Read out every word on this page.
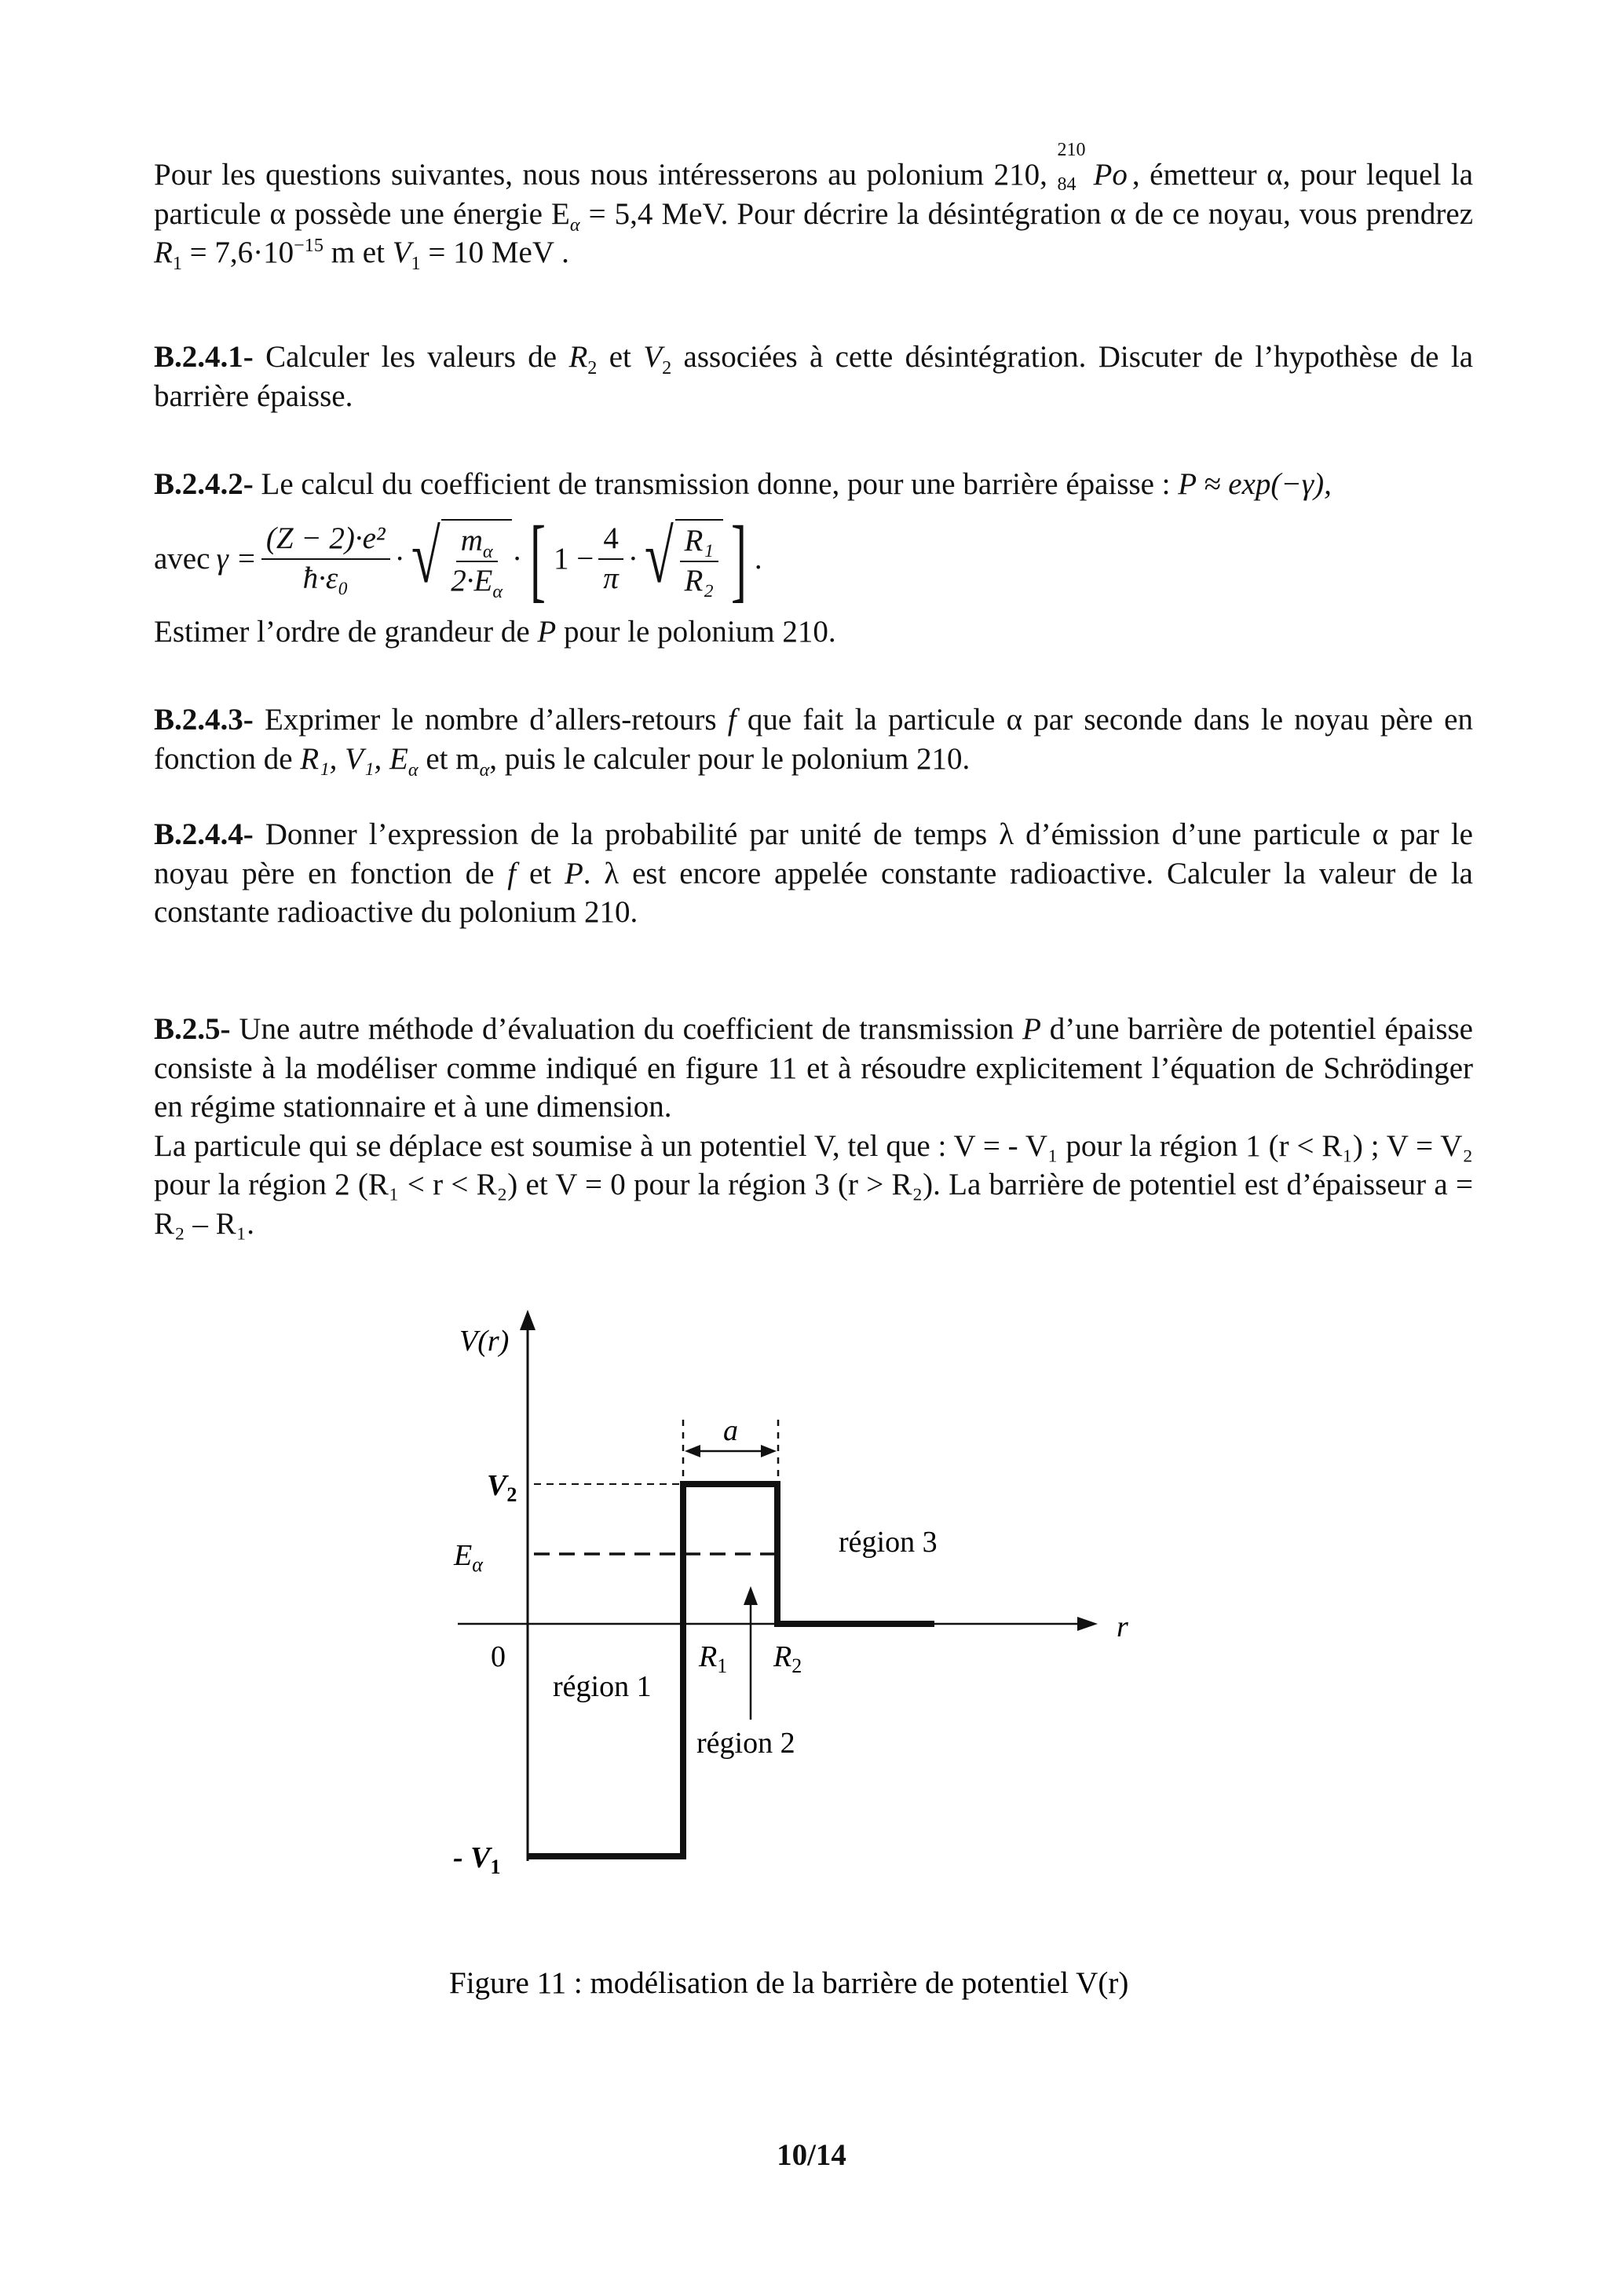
Pour les questions suivantes, nous nous intéresserons au polonium 210,
210
84 Po , émetteur α, pour lequel la particule α possède une énergie $E_\alpha = 5,4$ MeV. Pour décrire la désintégration α de ce noyau, vous prendrez $R_1 = 7,6\cdot 10^{-15}$ m et $V_1 = 10$ MeV .

B.2.4.1- Calculer les valeurs de $R_2$ et $V_2$ associées à cette désintégration. Discuter de l’hypothèse de la barrière épaisse.

B.2.4.2- Le calcul du coefficient de transmission donne, pour une barrière épaisse : P ≈ exp(−γ),

avec $\gamma = \frac{\text{(Z − 2)·e²}}{\text{ħ·ε₀}}$ · √ $\frac{m_\alpha}{2\cdot E_\alpha}$ · [ $1 - \frac{4}{\pi}$ · √ $\frac{\text{R₁}}{\text{R₂}}$ ] .

Estimer l’ordre de grandeur de P pour le polonium 210.

B.2.4.3- Exprimer le nombre d’allers-retours f que fait la particule α par seconde dans le noyau père en fonction de R₁, V₁, $E_\alpha$ et $m_\alpha$, puis le calculer pour le polonium 210.

B.2.4.4- Donner l’expression de la probabilité par unité de temps λ d’émission d’une particule α par le noyau père en fonction de f et P. λ est encore appelée constante radioactive. Calculer la valeur de la constante radioactive du polonium 210.

B.2.5- Une autre méthode d’évaluation du coefficient de transmission P d’une barrière de potentiel épaisse consiste à la modéliser comme indiqué en figure 11 et à résoudre explicitement l’équation de Schrödinger en régime stationnaire et à une dimension.

La particule qui se déplace est soumise à un potentiel V, tel que : V = - V₁ pour la région 1 (r < R₁) ; V = V₂ pour la région 2 (R₁ < r < R₂) et V = 0 pour la région 3 (r > R₂). La barrière de potentiel est d’épaisseur a = R₂ – R₁.

V(r)
r
a
$V_2$
$E_\alpha$
0	$R_1$ $R_2$
région 1
région 2
région 3
- $V_1$
Figure 11 : modélisation de la barrière de potentiel V(r)
10/14
